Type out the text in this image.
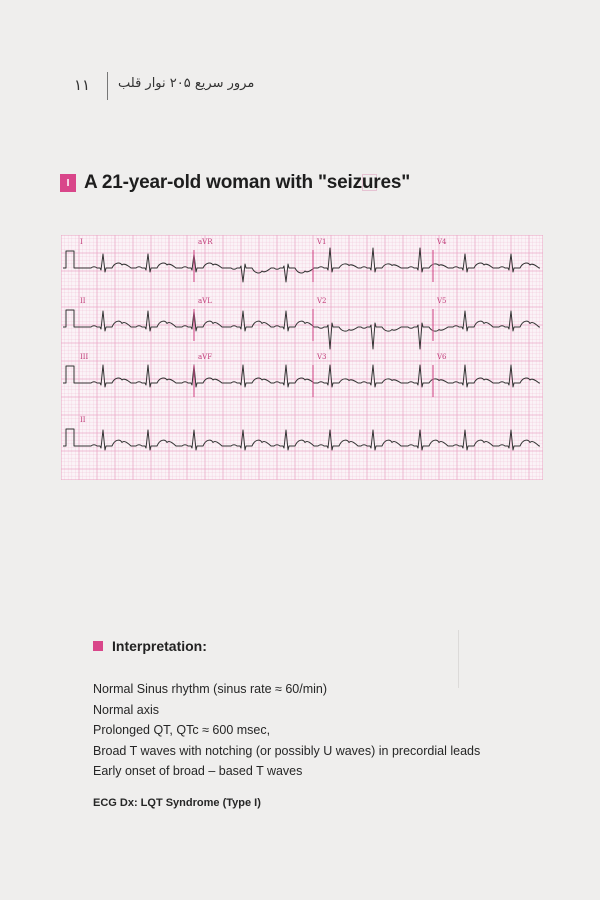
۱۱ مرور سریع ۲۰۵ نوار قلب
I A 21-year-old woman with "seizures"
I	aVR	V1	V4
II	aVL	V2	V5
III	aVF	V3	V6
II
Interpretation:
Normal Sinus rhythm (sinus rate ≈ 60/min)
Normal axis
Prolonged QT, QTc ≈ 600 msec,
Broad T waves with notching (or possibly U waves) in precordial leads
Early onset of broad – based T waves
ECG Dx: LQT Syndrome (Type I)
